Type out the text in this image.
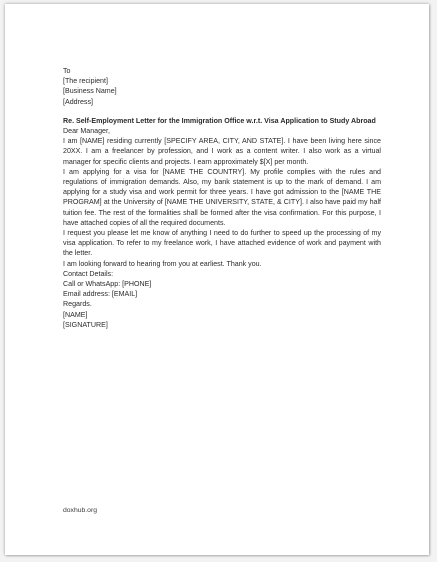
To

[The recipient]

[Business Name]

[Address]

Re. Self-Employment Letter for the Immigration Office w.r.t. Visa Application to Study Abroad

Dear Manager,

I am [NAME] residing currently [SPECIFY AREA, CITY, AND STATE]. I have been living here since 20XX. I am a freelancer by profession, and I work as a content writer. I also work as a virtual manager for specific clients and projects. I earn approximately $[X] per month.

I am applying for a visa for [NAME THE COUNTRY]. My profile complies with the rules and regulations of immigration demands. Also, my bank statement is up to the mark of demand. I am applying for a study visa and work permit for three years. I have got admission to the [NAME THE PROGRAM] at the University of [NAME THE UNIVERSITY, STATE, & CITY]. I also have paid my half tuition fee. The rest of the formalities shall be formed after the visa confirmation. For this purpose, I have attached copies of all the required documents.

I request you please let me know of anything I need to do further to speed up the processing of my visa application. To refer to my freelance work, I have attached evidence of work and payment with the letter.

I am looking forward to hearing from you at earliest. Thank you.

Contact Details:

Call or WhatsApp: [PHONE]

Email address: [EMAIL]

Regards.

[NAME]

[SIGNATURE]

doxhub.org
